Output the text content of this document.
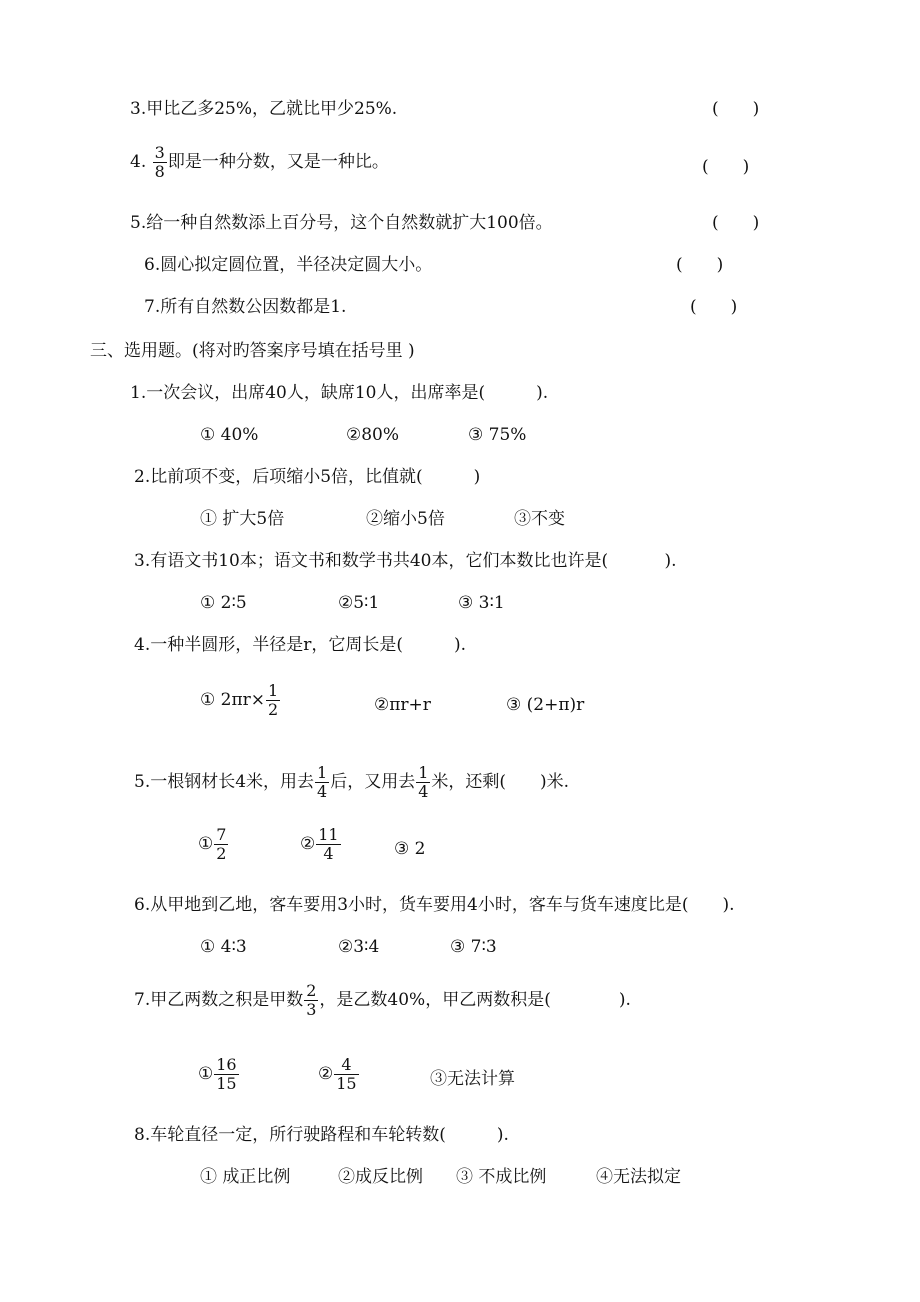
3.甲比乙多25%，乙就比甲少25%.	(　　)
4. $\frac{3}{8}$ 即是一种分数，又是一种比。	(　　)
5.给一种自然数添上百分号，这个自然数就扩大100倍。	(　　)
6.圆心拟定圆位置，半径决定圆大小。	(　　)
7.所有自然数公因数都是1.	(　　)
三、选用题。(将对旳答案序号填在括号里 )
1.一次会议，出席40人，缺席10人，出席率是(　　　).
① 40%	②80%	③ 75%
2.比前项不变，后项缩小5倍，比值就(　　　)
① 扩大5倍	②缩小5倍	③不变
3.有语文书10本；语文书和数学书共40本，它们本数比也许是(　　　 ).
① 2∶5	②5∶1	③ 3∶1
4.一种半圆形，半径是r，它周长是(　　　).
① $2\pi r\times \frac{1}{2}$	②πr+r	③ (2+π)r
5.一根钢材长4米，用去 $\frac{1}{4}$ 后，又用去 $\frac{1}{4}$ 米，还剩(　　)米.
① $\frac{7}{2}$	② $\frac{11}{4}$	③ 2
6.从甲地到乙地，客车要用3小时，货车要用4小时，客车与货车速度比是(　　).
① 4∶3	②3∶4	③ 7∶3
7.甲乙两数之积是甲数 $\frac{2}{3}$ ，是乙数40%，甲乙两数积是(　　　　).
① $\frac{16}{15}$	② $\frac{4}{15}$	③无法计算
8.车轮直径一定，所行驶路程和车轮转数(　　　).
① 成正比例	②成反比例 ③ 不成比例	④无法拟定
